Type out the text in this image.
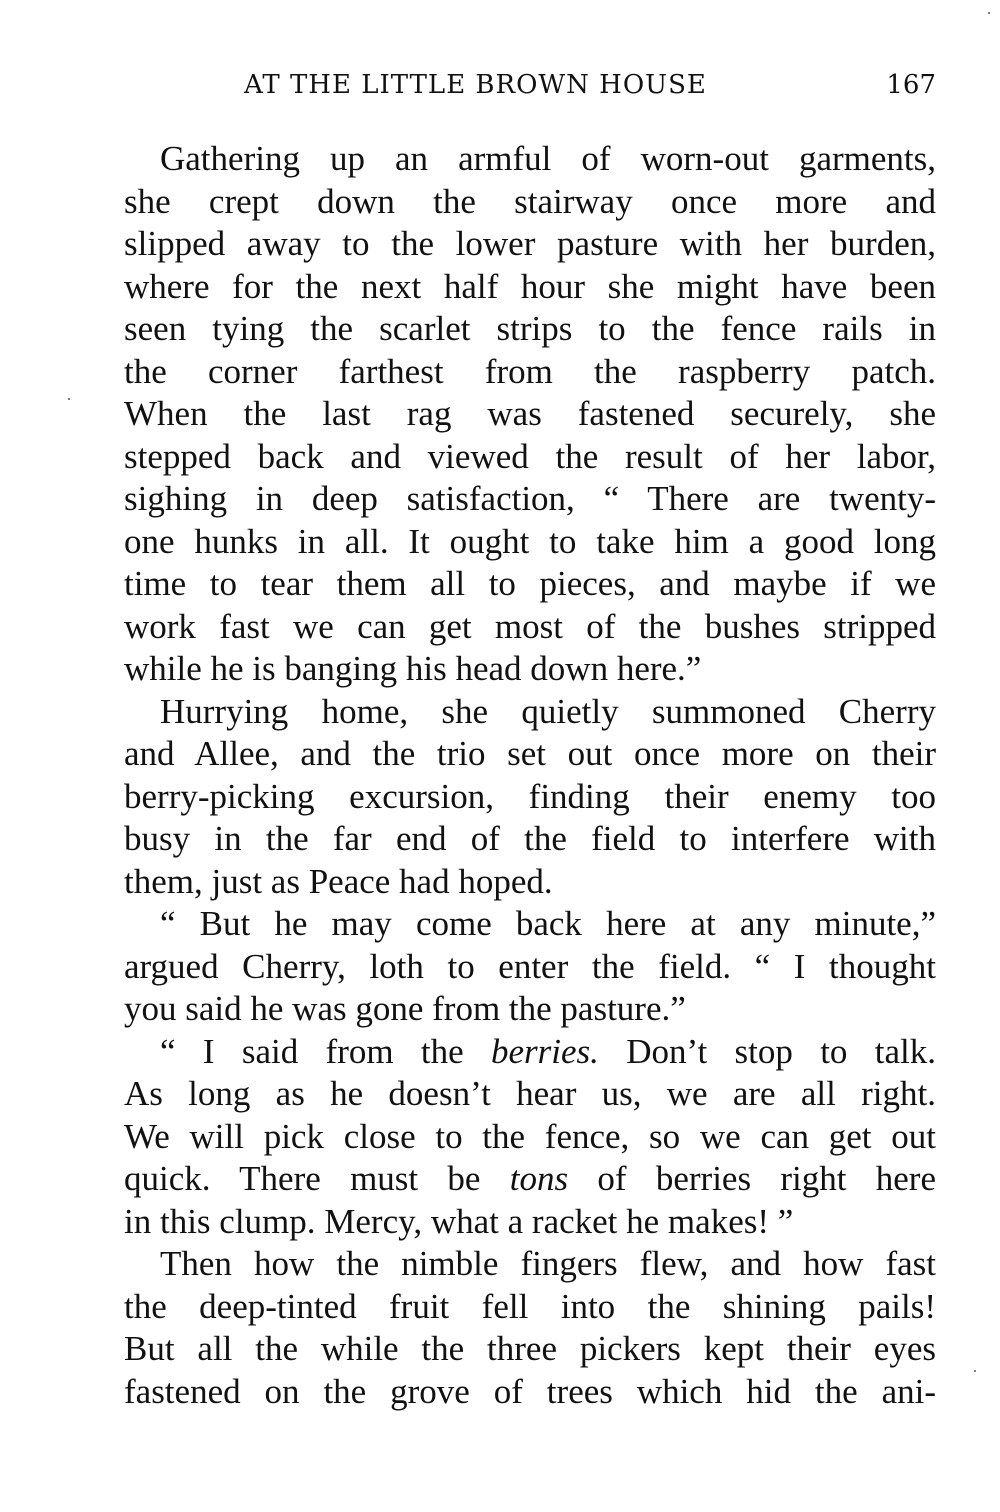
AT THE LITTLE BROWN HOUSE	167
Gathering up an armful of worn-out garments,
she crept down the stairway once more and
slipped away to the lower pasture with her burden,
where for the next half hour she might have been
seen tying the scarlet strips to the fence rails in
the corner farthest from the raspberry patch.
When the last rag was fastened securely, she
stepped back and viewed the result of her labor,
sighing in deep satisfaction, “ There are twenty-
one hunks in all. It ought to take him a good long
time to tear them all to pieces, and maybe if we
work fast we can get most of the bushes stripped
while he is banging his head down here.”
Hurrying home, she quietly summoned Cherry
and Allee, and the trio set out once more on their
berry-picking excursion, finding their enemy too
busy in the far end of the field to interfere with
them, just as Peace had hoped.
“ But he may come back here at any minute,”
argued Cherry, loth to enter the field. “ I thought
you said he was gone from the pasture.”
“ I said from the berries. Don’t stop to talk.
As long as he doesn’t hear us, we are all right.
We will pick close to the fence, so we can get out
quick. There must be tons of berries right here
in this clump. Mercy, what a racket he makes! ”
Then how the nimble fingers flew, and how fast
the deep-tinted fruit fell into the shining pails!
But all the while the three pickers kept their eyes
fastened on the grove of trees which hid the ani-
